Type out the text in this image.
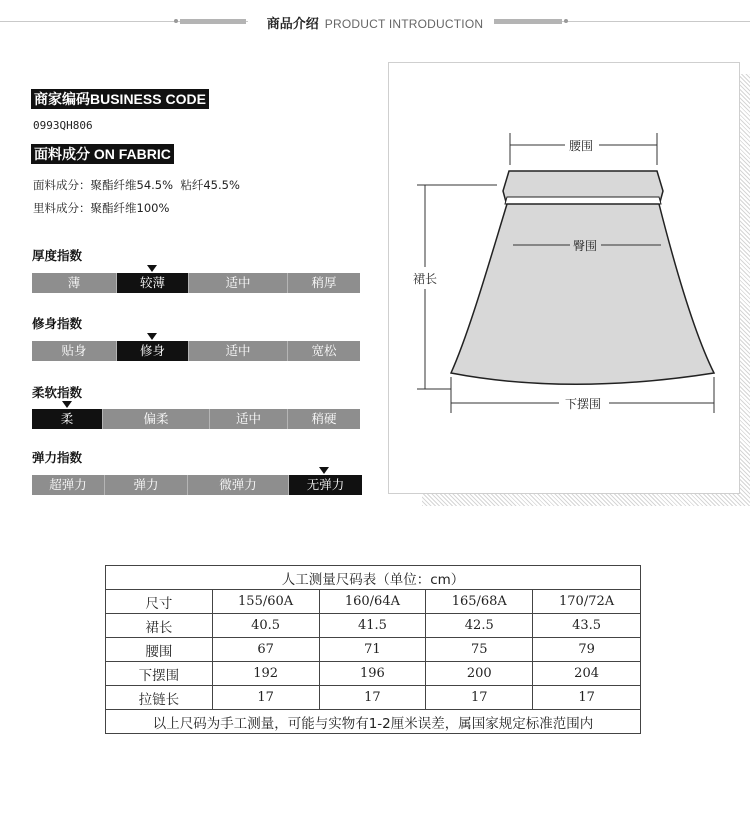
商品介绍 PRODUCT INTRODUCTION
商家编码BUSINESS CODE
0993QH806
面料成分 ON FABRIC
面料成分：聚酯纤维54.5%  粘纤45.5%
里料成分：聚酯纤维100%
厚度指数
薄	较薄	适中	稍厚
修身指数
贴身	修身	适中	宽松
柔软指数
柔	偏柔	适中	稍硬
弹力指数
超弹力	弹力	微弹力	无弹力
腰围
臀围
裙长
下摆围
人工测量尺码表（单位：cm）				
尺寸	155/60A	160/64A	165/68A	170/72A
裙长	40.5	41.5	42.5	43.5
腰围	67	71	75	79
下摆围	192	196	200	204
拉链长	17	17	17	17
以上尺码为手工测量，可能与实物有1-2厘米误差，属国家规定标准范围内				
